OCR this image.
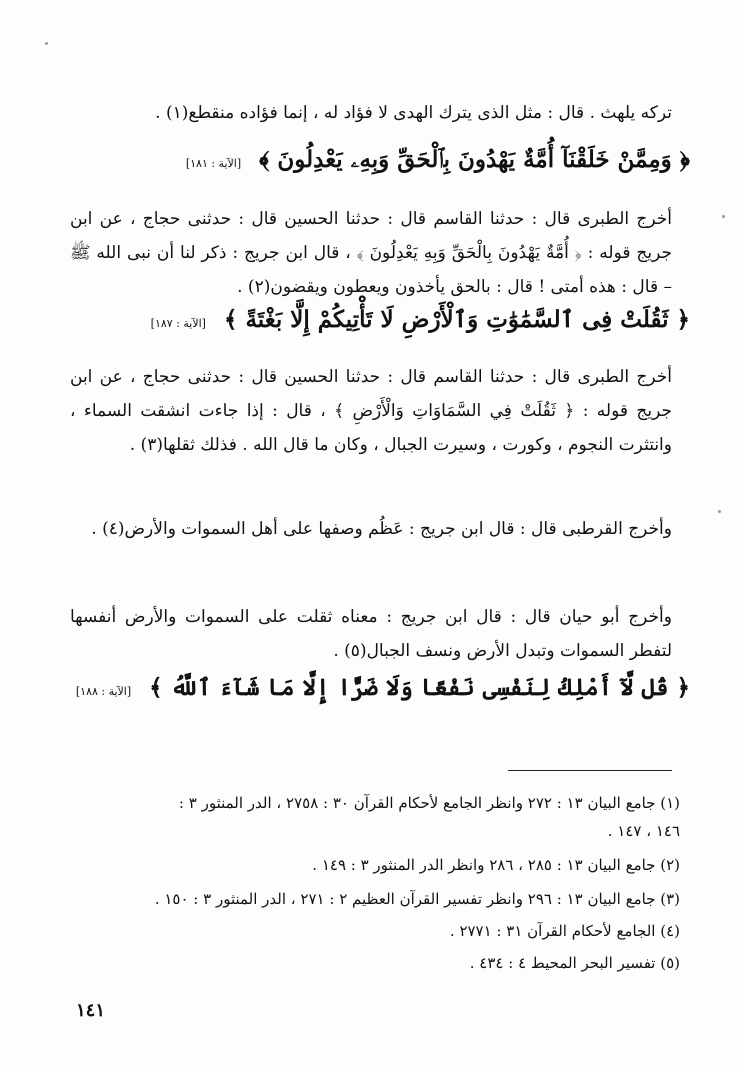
تركه يلهث . قال : مثل الذى يترك الهدى لا فؤاد له ، إنما فؤاده منقطع(١) .
﴿ وَمِمَّنْ خَلَقْنَآ أُمَّةٌ يَهْدُونَ بِٱلْحَقِّ وَبِهِۦ يَعْدِلُونَ ﴾ [الآية : ١٨١]
أخرج الطبرى قال : حدثنا القاسم قال : حدثنا الحسين قال : حدثنى حجاج ، عن ابن جريج قوله : ﴿ أُمَّةٌ يَهْدُونَ بِالْحَقِّ وَبِهِ يَعْدِلُونَ ﴾ ، قال ابن جريج : ذكر لنا أن نبى الله ﷺ – قال : هذه أمتى ! قال : بالحق يأخذون ويعطون ويقضون(٢) .
﴿ ثَقُلَتْ فِى ٱلسَّمَٰوَٰتِ وَٱلْأَرْضِ لَا تَأْتِيكُمْ إِلَّا بَغْتَةً ﴾ [الآية : ١٨٧]
أخرج الطبرى قال : حدثنا القاسم قال : حدثنا الحسين قال : حدثنى حجاج ، عن ابن جريج قوله : ﴿ ثَقُلَتْ فِي السَّمَاوَاتِ وَالْأَرْضِ ﴾ ، قال : إذا جاءت انشقت السماء ، وانتثرت النجوم ، وكورت ، وسيرت الجبال ، وكان ما قال الله . فذلك ثقلها(٣) .
وأخرج القرطبى قال : قال ابن جريج : عَظُم وصفها على أهل السموات والأرض(٤) .
وأخرج أبو حيان قال : قال ابن جريج : معناه ثقلت على السموات والأرض أنفسها لتفطر السموات وتبدل الأرض ونسف الجبال(٥) .
﴿ قُل لَّآ أَمْلِكُ لِنَفْسِى نَفْعًا وَلَا ضَرًّا إِلَّا مَا شَآءَ ٱللَّهُ ﴾ [الآية : ١٨٨]
(١) جامع البيان ١٣ : ٢٧٢ وانظر الجامع لأحكام القرآن ٣٠ : ٢٧٥٨ ، الدر المنثور ٣ :
١٤٦ ، ١٤٧ .
(٢) جامع البيان ١٣ : ٢٨٥ ، ٢٨٦ وانظر الدر المنثور ٣ : ١٤٩ .
(٣) جامع البيان ١٣ : ٢٩٦ وانظر تفسير القرآن العظيم ٢ : ٢٧١ ، الدر المنثور ٣ : ١٥٠ .
(٤) الجامع لأحكام القرآن ٣١ : ٢٧٧١ .
(٥) تفسير البحر المحيط ٤ : ٤٣٤ .
١٤١
